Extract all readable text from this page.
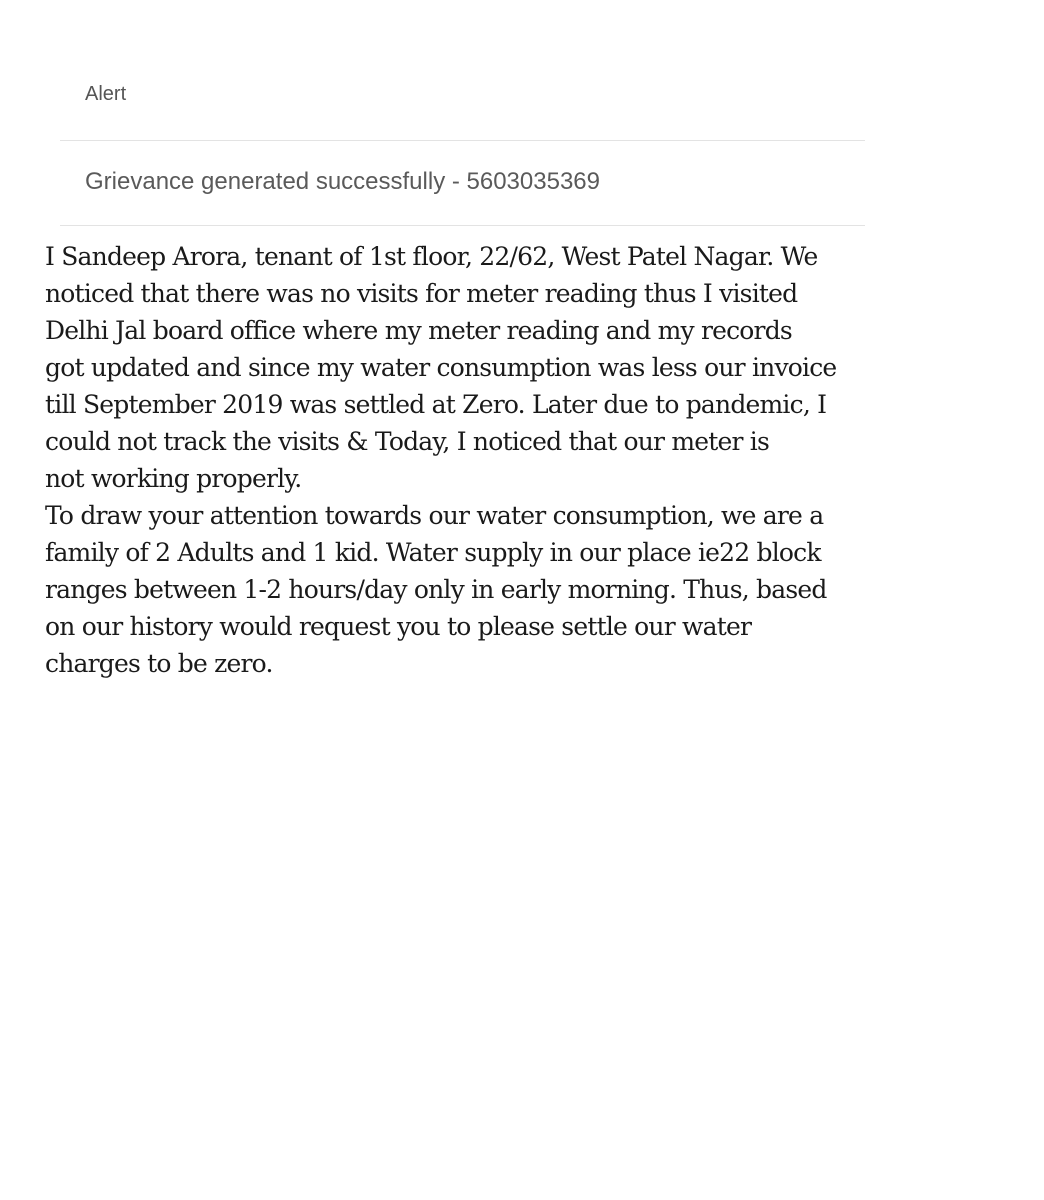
Alert
Grievance generated successfully - 5603035369

I Sandeep Arora, tenant of 1st floor, 22/62, West Patel Nagar. We
noticed that there was no visits for meter reading thus I visited
Delhi Jal board office where my meter reading and my records
got updated and since my water consumption was less our invoice
till September 2019 was settled at Zero. Later due to pandemic, I
could not track the visits & Today, I noticed that our meter is
not working properly.

To draw your attention towards our water consumption, we are a
family of 2 Adults and 1 kid. Water supply in our place ie22 block
ranges between 1-2 hours/day only in early morning. Thus, based
on our history would request you to please settle our water
charges to be zero.
